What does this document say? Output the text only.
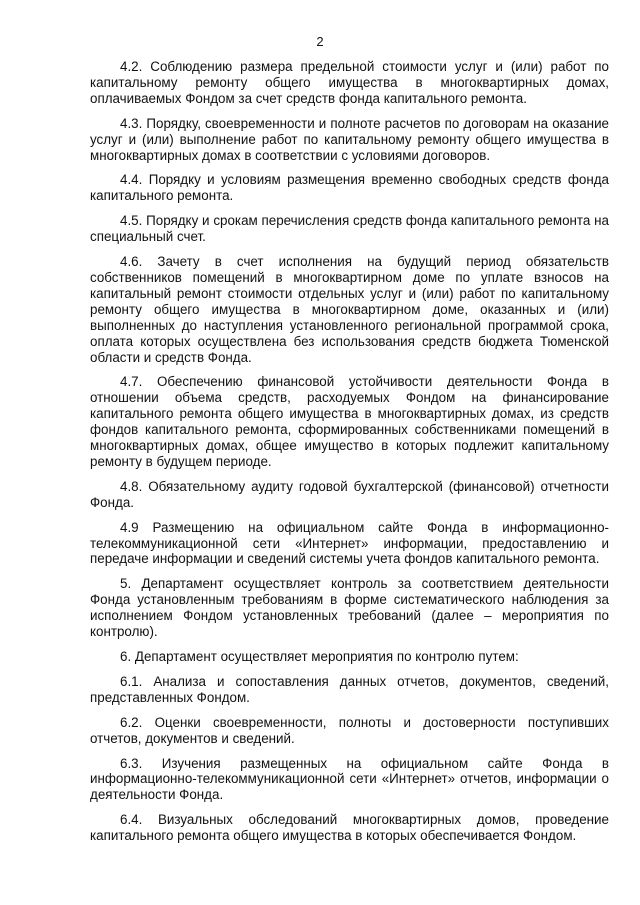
2

4.2. Соблюдению размера предельной стоимости услуг и (или) работ по капитальному ремонту общего имущества в многоквартирных домах, оплачиваемых Фондом за счет средств фонда капитального ремонта.

4.3. Порядку, своевременности и полноте расчетов по договорам на оказание услуг и (или) выполнение работ по капитальному ремонту общего имущества в многоквартирных домах в соответствии с условиями договоров.

4.4. Порядку и условиям размещения временно свободных средств фонда капитального ремонта.

4.5. Порядку и срокам перечисления средств фонда капитального ремонта на специальный счет.

4.6. Зачету в счет исполнения на будущий период обязательств собственников помещений в многоквартирном доме по уплате взносов на капитальный ремонт стоимости отдельных услуг и (или) работ по капитальному ремонту общего имущества в многоквартирном доме, оказанных и (или) выполненных до наступления установленного региональной программой срока, оплата которых осуществлена без использования средств бюджета Тюменской области и средств Фонда.

4.7. Обеспечению финансовой устойчивости деятельности Фонда в отношении объема средств, расходуемых Фондом на финансирование капитального ремонта общего имущества в многоквартирных домах, из средств фондов капитального ремонта, сформированных собственниками помещений в многоквартирных домах, общее имущество в которых подлежит капитальному ремонту в будущем периоде.

4.8. Обязательному аудиту годовой бухгалтерской (финансовой) отчетности Фонда.

4.9 Размещению на официальном сайте Фонда в информационно-телекоммуникационной сети «Интернет» информации, предоставлению и передаче информации и сведений системы учета фондов капитального ремонта.

5. Департамент осуществляет контроль за соответствием деятельности Фонда установленным требованиям в форме систематического наблюдения за исполнением Фондом установленных требований (далее – мероприятия по контролю).

6. Департамент осуществляет мероприятия по контролю путем:

6.1. Анализа и сопоставления данных отчетов, документов, сведений, представленных Фондом.

6.2. Оценки своевременности, полноты и достоверности поступивших отчетов, документов и сведений.

6.3. Изучения размещенных на официальном сайте Фонда в информационно-телекоммуникационной сети «Интернет» отчетов, информации о деятельности Фонда.

6.4. Визуальных обследований многоквартирных домов, проведение капитального ремонта общего имущества в которых обеспечивается Фондом.
